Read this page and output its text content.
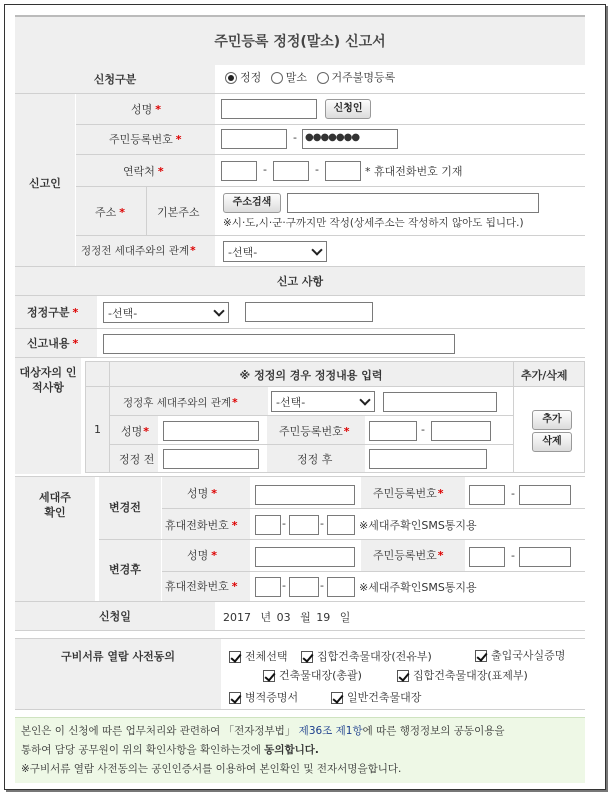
주민등록 정정(말소) 신고서
신청구분	정정 말소 거주불명등록
신고인
성명 *	신청인
주민등록번호 *	- ●●●●●●●
연락처 *	-	-	* 휴대전화번호 기재
주소 *	기본주소
주소검색
※시·도,시·군·구까지만 작성(상세주소는 작성하지 않아도 됩니다.)
정정전 세대주와의 관계*	-선택-
신고 사항
정정구분 *	-선택-
신고내용 *
대상자의 인적사항
※ 정정의 경우 정정내용 입력	추가/삭제
1
정정후 세대주와의 관계*	-선택-
성명*	주민등록번호*	-
정정 전	정정 후
추가
삭제
세대주 확인	변경전
성명 *	주민등록번호*	-
휴대전화번호 *	-	-	※세대주확인SMS통지용
변경후
성명 *	주민등록번호*	-
휴대전화번호 *	-	-	※세대주확인SMS통지용
신청일	2017 년 03 월 19 일
구비서류 열람 사전동의	전체선택	집합건축물대장(전유부)	출입국사실증명
건축물대장(총괄)	집합건축물대장(표제부)
병적증명서	일반건축물대장
본인은 이 신청에 따른 업무처리와 관련하여 「전자정부법」 제36조 제1항에 따른 행정정보의 공동이용을
통하여 담당 공무원이 위의 확인사항을 확인하는것에 동의합니다.
※구비서류 열람 사전동의는 공인인증서를 이용하여 본인확인 및 전자서명을합니다.
